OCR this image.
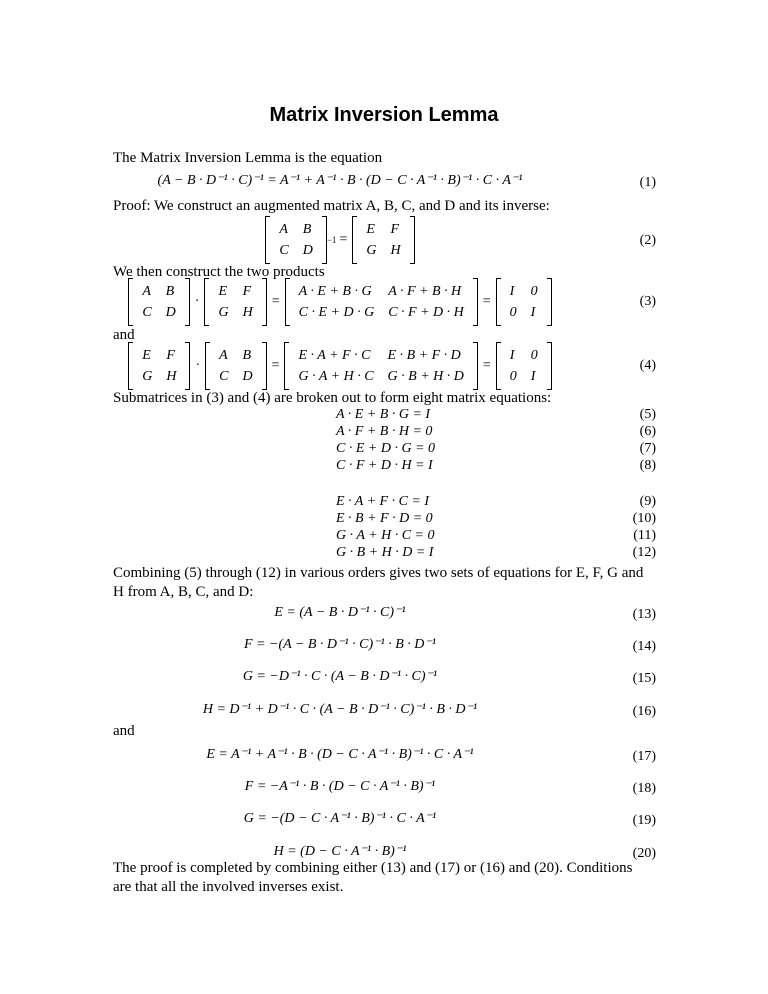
Matrix Inversion Lemma
The Matrix Inversion Lemma is the equation
(A − B · D⁻¹ · C)⁻¹ = A⁻¹ + A⁻¹ · B · (D − C · A⁻¹ · B)⁻¹ · C · A⁻¹	(1)
Proof: We construct an augmented matrix A, B, C, and D and its inverse:
A	B
C	D
−1 =
E	F
G	H
(2)
We then construct the two products
A	B
C	D
·
E	F
G	H
=
A · E + B · G	A · F + B · H
C · E + D · G	C · F + D · H
=
I	0
0	I
(3)
and
E	F
G	H
·
A	B
C	D
=
E · A + F · C	E · B + F · D
G · A + H · C	G · B + H · D
=
I	0
0	I
(4)
Submatrices in (3) and (4) are broken out to form eight matrix equations:
A · E + B · G = I	(5)
A · F + B · H = 0	(6)
C · E + D · G = 0	(7)
C · F + D · H = I	(8)
E · A + F · C = I	(9)
E · B + F · D = 0	(10)
G · A + H · C = 0	(11)
G · B + H · D = I	(12)
Combining (5) through (12) in various orders gives two sets of equations for E, F, G and
H from A, B, C, and D:
E = (A − B · D⁻¹ · C)⁻¹	(13)
F = −(A − B · D⁻¹ · C)⁻¹ · B · D⁻¹	(14)
G = −D⁻¹ · C · (A − B · D⁻¹ · C)⁻¹	(15)
H = D⁻¹ + D⁻¹ · C · (A − B · D⁻¹ · C)⁻¹ · B · D⁻¹	(16)
and
E = A⁻¹ + A⁻¹ · B · (D − C · A⁻¹ · B)⁻¹ · C · A⁻¹	(17)
F = −A⁻¹ · B · (D − C · A⁻¹ · B)⁻¹	(18)
G = −(D − C · A⁻¹ · B)⁻¹ · C · A⁻¹	(19)
H = (D − C · A⁻¹ · B)⁻¹	(20)
The proof is completed by combining either (13) and (17) or (16) and (20). Conditions
are that all the involved inverses exist.
